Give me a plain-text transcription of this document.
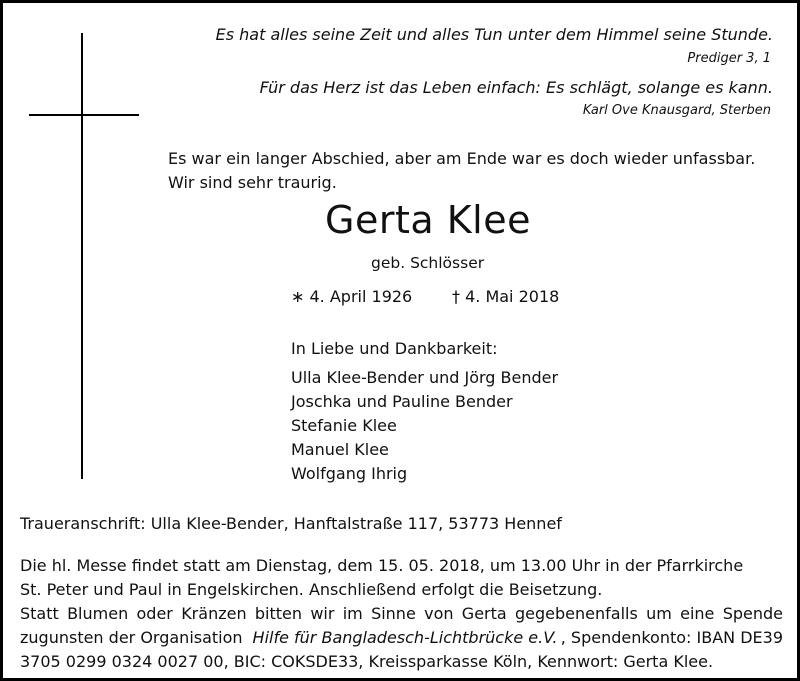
Es hat alles seine Zeit und alles Tun unter dem Himmel seine Stunde.
Prediger 3, 1
Für das Herz ist das Leben einfach: Es schlägt, solange es kann.
Karl Ove Knausgard, Sterben
Es war ein langer Abschied, aber am Ende war es doch wieder unfassbar.
Wir sind sehr traurig.
Gerta Klee
geb. Schlösser
∗ 4. April 1926 † 4. Mai 2018
In Liebe und Dankbarkeit:
Ulla Klee-Bender und Jörg Bender
Joschka und Pauline Bender
Stefanie Klee
Manuel Klee
Wolfgang Ihrig
Traueranschrift: Ulla Klee-Bender, Hanftalstraße 117, 53773 Hennef
Die hl. Messe findet statt am Dienstag, dem 15. 05. 2018, um 13.00 Uhr in der Pfarrkirche
St. Peter und Paul in Engelskirchen. Anschließend erfolgt die Beisetzung.
Statt Blumen oder Kränzen bitten wir im Sinne von Gerta gegebenenfalls um eine Spende
zugunsten der Organisation Hilfe für Bangladesch-Lichtbrücke e.V. , Spendenkonto: IBAN DE39
3705 0299 0324 0027 00, BIC: COKSDE33, Kreissparkasse Köln, Kennwort: Gerta Klee.
